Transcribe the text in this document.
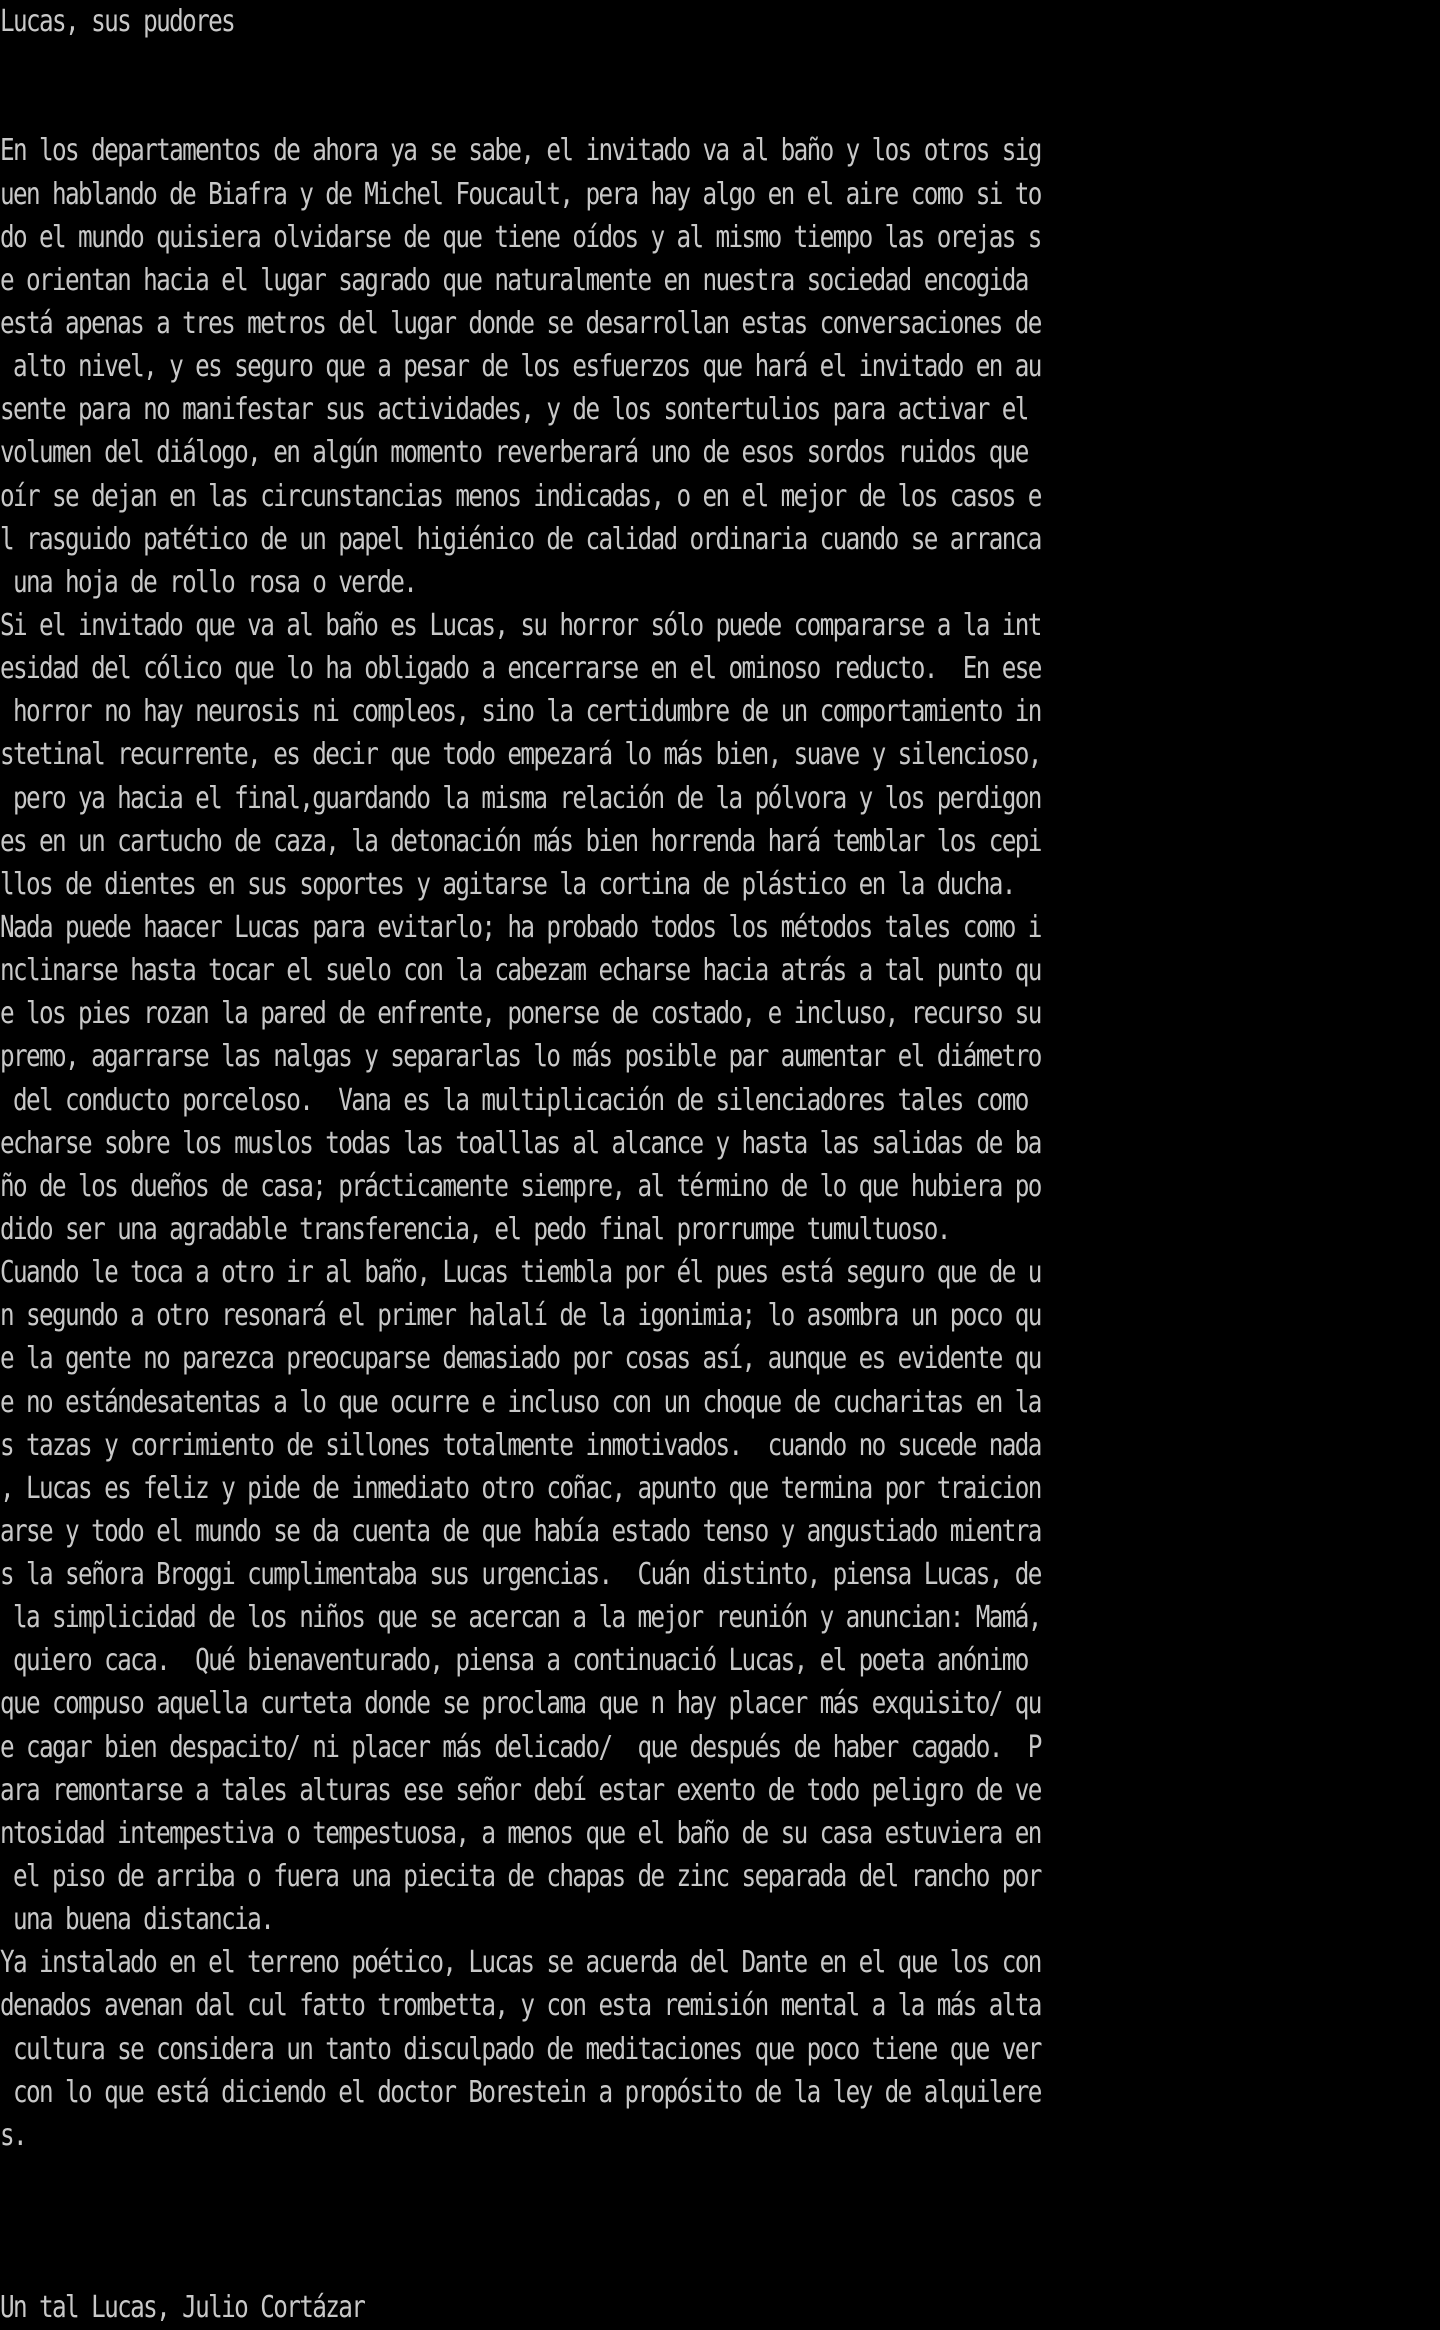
Lucas, sus pudores
En los departamentos de ahora ya se sabe, el invitado va al baño y los otros sig
uen hablando de Biafra y de Michel Foucault, pera hay algo en el aire como si to
do el mundo quisiera olvidarse de que tiene oídos y al mismo tiempo las orejas s
e orientan hacia el lugar sagrado que naturalmente en nuestra sociedad encogida
está apenas a tres metros del lugar donde se desarrollan estas conversaciones de
alto nivel, y es seguro que a pesar de los esfuerzos que hará el invitado en au
sente para no manifestar sus actividades, y de los sontertulios para activar el
volumen del diálogo, en algún momento reverberará uno de esos sordos ruidos que
oír se dejan en las circunstancias menos indicadas, o en el mejor de los casos e
l rasguido patético de un papel higiénico de calidad ordinaria cuando se arranca
una hoja de rollo rosa o verde.
Si el invitado que va al baño es Lucas, su horror sólo puede compararse a la int
esidad del cólico que lo ha obligado a encerrarse en el ominoso reducto.  En ese
horror no hay neurosis ni compleos, sino la certidumbre de un comportamiento in
stetinal recurrente, es decir que todo empezará lo más bien, suave y silencioso,
pero ya hacia el final,guardando la misma relación de la pólvora y los perdigon
es en un cartucho de caza, la detonación más bien horrenda hará temblar los cepi
llos de dientes en sus soportes y agitarse la cortina de plástico en la ducha.
Nada puede haacer Lucas para evitarlo; ha probado todos los métodos tales como i
nclinarse hasta tocar el suelo con la cabezam echarse hacia atrás a tal punto qu
e los pies rozan la pared de enfrente, ponerse de costado, e incluso, recurso su
premo, agarrarse las nalgas y separarlas lo más posible par aumentar el diámetro
del conducto porceloso.  Vana es la multiplicación de silenciadores tales como
echarse sobre los muslos todas las toalllas al alcance y hasta las salidas de ba
ño de los dueños de casa; prácticamente siempre, al término de lo que hubiera po
dido ser una agradable transferencia, el pedo final prorrumpe tumultuoso.
Cuando le toca a otro ir al baño, Lucas tiembla por él pues está seguro que de u
n segundo a otro resonará el primer halalí de la igonimia; lo asombra un poco qu
e la gente no parezca preocuparse demasiado por cosas así, aunque es evidente qu
e no estándesatentas a lo que ocurre e incluso con un choque de cucharitas en la
s tazas y corrimiento de sillones totalmente inmotivados.  cuando no sucede nada
, Lucas es feliz y pide de inmediato otro coñac, apunto que termina por traicion
arse y todo el mundo se da cuenta de que había estado tenso y angustiado mientra
s la señora Broggi cumplimentaba sus urgencias.  Cuán distinto, piensa Lucas, de
la simplicidad de los niños que se acercan a la mejor reunión y anuncian: Mamá,
quiero caca.  Qué bienaventurado, piensa a continuació Lucas, el poeta anónimo
que compuso aquella curteta donde se proclama que n hay placer más exquisito/ qu
e cagar bien despacito/ ni placer más delicado/  que después de haber cagado.  P
ara remontarse a tales alturas ese señor debí estar exento de todo peligro de ve
ntosidad intempestiva o tempestuosa, a menos que el baño de su casa estuviera en
el piso de arriba o fuera una piecita de chapas de zinc separada del rancho por
una buena distancia.
Ya instalado en el terreno poético, Lucas se acuerda del Dante en el que los con
denados avenan dal cul fatto trombetta, y con esta remisión mental a la más alta
cultura se considera un tanto disculpado de meditaciones que poco tiene que ver
con lo que está diciendo el doctor Borestein a propósito de la ley de alquilere
s.
Un tal Lucas, Julio Cortázar
